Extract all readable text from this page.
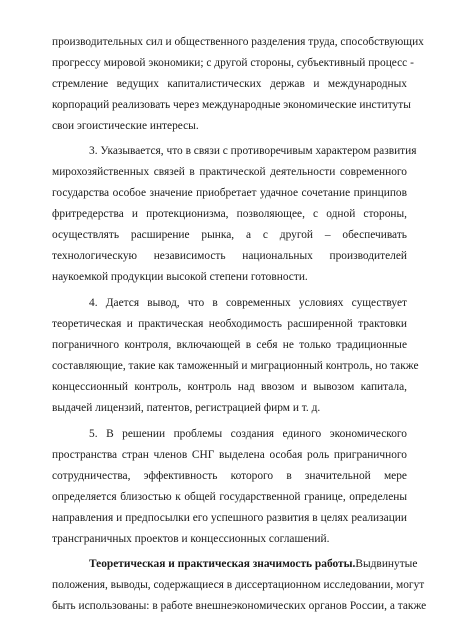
производительных сил и общественного разделения труда, способствующих
прогрессу мировой экономики; с другой стороны, субъективный процесс -
стремление ведущих капиталистических держав и международных
корпораций реализовать через международные экономические институты
свои эгоистические интересы.
3. Указывается, что в связи с противоречивым характером развития
мирохозяйственных связей в практической деятельности современного
государства особое значение приобретает удачное сочетание принципов
фритредерства и протекционизма, позволяющее, с одной стороны,
осуществлять расширение рынка, а с другой – обеспечивать
технологическую независимость национальных производителей
наукоемкой продукции высокой степени готовности.
4. Дается вывод, что в современных условиях существует
теоретическая и практическая необходимость расширенной трактовки
пограничного контроля, включающей в себя не только традиционные
составляющие, такие как таможенный и миграционный контроль, но также
концессионный контроль, контроль над ввозом и вывозом капитала,
выдачей лицензий, патентов, регистрацией фирм и т. д.
5. В решении проблемы создания единого экономического
пространства стран членов СНГ выделена особая роль приграничного
сотрудничества, эффективность которого в значительной мере
определяется близостью к общей государственной границе, определены
направления и предпосылки его успешного развития в целях реализации
трансграничных проектов и концессионных соглашений.
Теоретическая и практическая значимость работы. Выдвинутые
положения, выводы, содержащиеся в диссертационном исследовании, могут
быть использованы: в работе внешнеэкономических органов России, а также
